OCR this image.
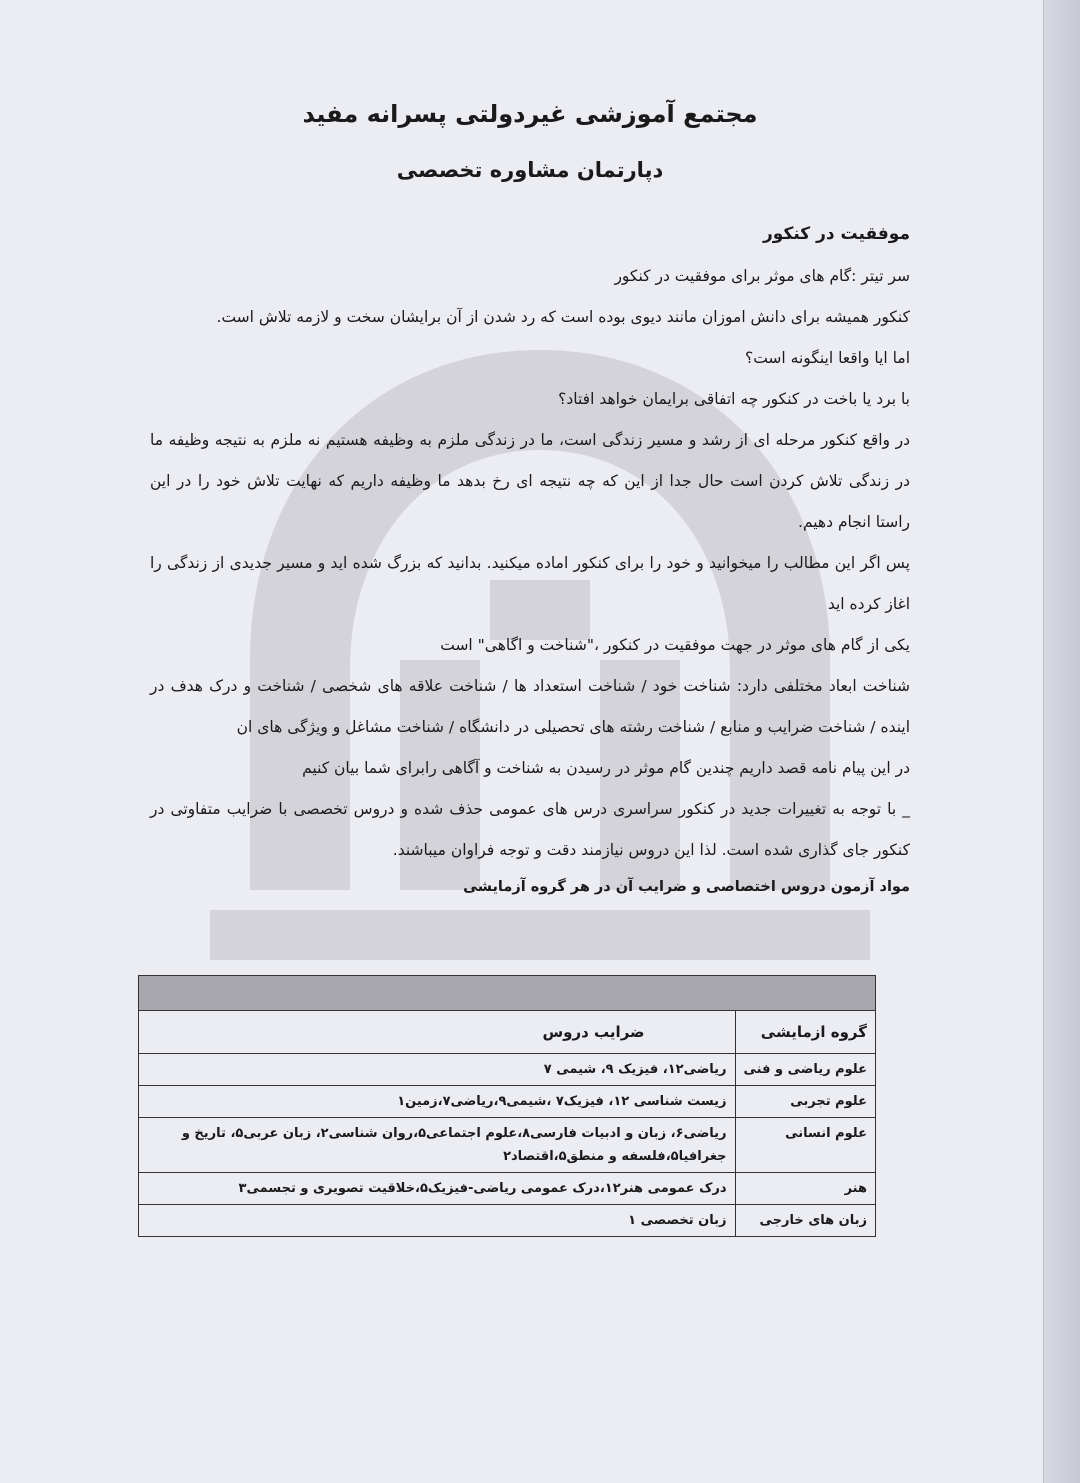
مجتمع آموزشی غیردولتی پسرانه مفید
دپارتمان مشاوره تخصصی
موفقیت در کنکور

سر تیتر :گام های موثر برای موفقیت در کنکور

کنکور همیشه برای دانش اموزان مانند دیوی بوده است که رد شدن از آن برایشان سخت و لازمه تلاش است.

اما ایا واقعا اینگونه است؟

با برد یا باخت در کنکور چه اتفاقی برایمان خواهد افتاد؟

در واقع کنکور مرحله ای از رشد و مسیر زندگی است، ما در زندگی ملزم به وظیفه هستیم نه ملزم به نتیجه وظیفه ما در زندگی تلاش کردن است حال جدا از این که چه نتیجه ای رخ بدهد ما وظیفه داریم که نهایت تلاش خود را در این راستا انجام دهیم.

پس اگر این مطالب را میخوانید و خود را برای کنکور اماده میکنید. بدانید که بزرگ شده اید و مسیر جدیدی از زندگی را اغاز کرده اید

یکی از گام های موثر در جهت موفقیت در کنکور ،"شناخت و اگاهی" است

شناخت ابعاد مختلفی دارد: شناخت خود / شناخت استعداد ها / شناخت علاقه های شخصی / شناخت و درک هدف در اینده / شناخت ضرایب و منابع / شناخت رشته های تحصیلی در دانشگاه / شناخت مشاغل و ویژگی های ان

در این پیام نامه قصد داریم چندین گام موثر در رسیدن به شناخت و آگاهی رابرای شما بیان کنیم

_ با توجه به تغییرات جدید در کنکور سراسری درس های عمومی حذف شده و دروس تخصصی با ضرایب متفاوتی در کنکور جای گذاری شده است. لذا این دروس نیازمند دقت و توجه فراوان میباشند.

مواد آزمون دروس اختصاصی و ضرایب آن در هر گروه آزمایشی

گروه ازمایشی	ضرایب دروس
علوم ریاضی و فنی	ریاضی۱۲، فیزیک ۹، شیمی ۷
علوم تجربی	زیست شناسی ۱۲، فیزیک۷ ،شیمی۹،ریاضی۷،زمین۱
علوم انسانی	ریاضی۶، زبان و ادبیات فارسی۸،علوم اجتماعی۵،روان شناسی۲، زبان عربی۵، تاریخ و جغرافیا۵،فلسفه و منطق۵،اقتصاد۲
هنر	درک عمومی هنر۱۲،درک عمومی ریاضی-فیزیک۵،خلاقیت تصویری و تجسمی۳
زبان های خارجی	زبان تخصصی ۱
